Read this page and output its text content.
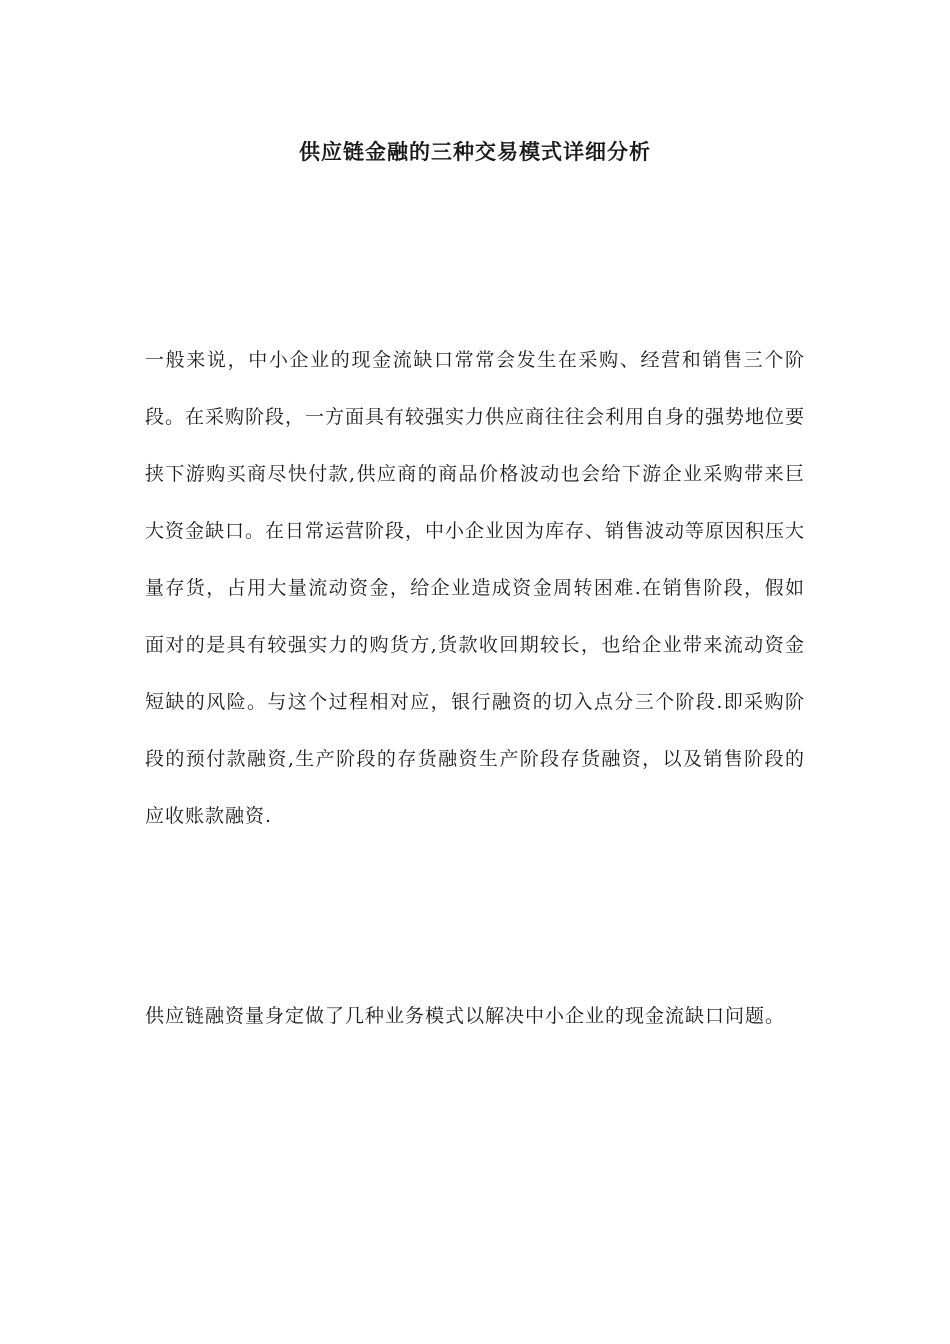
供应链金融的三种交易模式详细分析

一般来说，中小企业的现金流缺口常常会发生在采购、经营和销售三个阶段。在采购阶段，一方面具有较强实力供应商往往会利用自身的强势地位要挟下游购买商尽快付款,供应商的商品价格波动也会给下游企业采购带来巨大资金缺口。在日常运营阶段，中小企业因为库存、销售波动等原因积压大量存货，占用大量流动资金，给企业造成资金周转困难.在销售阶段，假如面对的是具有较强实力的购货方,货款收回期较长，也给企业带来流动资金短缺的风险。与这个过程相对应，银行融资的切入点分三个阶段.即采购阶段的预付款融资,生产阶段的存货融资生产阶段存货融资，以及销售阶段的应收账款融资.

供应链融资量身定做了几种业务模式以解决中小企业的现金流缺口问题。
